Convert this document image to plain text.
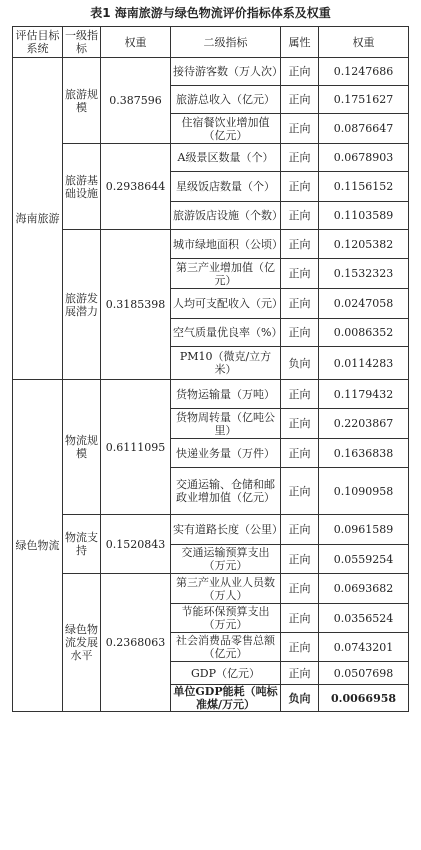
表1 海南旅游与绿色物流评价指标体系及权重
评估目标系统	一级指标	权重	二级指标	属性	权重
海南旅游	旅游规模	0.387596	接待游客数（万人次）	正向	0.1247686
			旅游总收入（亿元）	正向	0.1751627
			住宿餐饮业增加值（亿元）	正向	0.0876647
	旅游基础设施	0.2938644	A级景区数量（个）	正向	0.0678903
			星级饭店数量（个）	正向	0.1156152
			旅游饭店设施（个数）	正向	0.1103589
	旅游发展潜力	0.3185398	城市绿地面积（公顷）	正向	0.1205382
			第三产业增加值（亿元）	正向	0.1532323
			人均可支配收入（元）	正向	0.0247058
			空气质量优良率（%）	正向	0.0086352
			PM10（微克/立方米）	负向	0.0114283
绿色物流	物流规模	0.6111095	货物运输量（万吨）	正向	0.1179432
			货物周转量（亿吨公里）	正向	0.2203867
			快递业务量（万件）	正向	0.1636838
			交通运输、仓储和邮政业增加值（亿元）	正向	0.1090958
	物流支持	0.1520843	实有道路长度（公里）	正向	0.0961589
			交通运输预算支出（万元）	正向	0.0559254
	绿色物流发展水平	0.2368063	第三产业从业人员数（万人）	正向	0.0693682
			节能环保预算支出（万元）	正向	0.0356524
			社会消费品零售总额（亿元）	正向	0.0743201
			GDP（亿元）	正向	0.0507698
			单位GDP能耗（吨标准煤/万元）	负向	0.0066958
